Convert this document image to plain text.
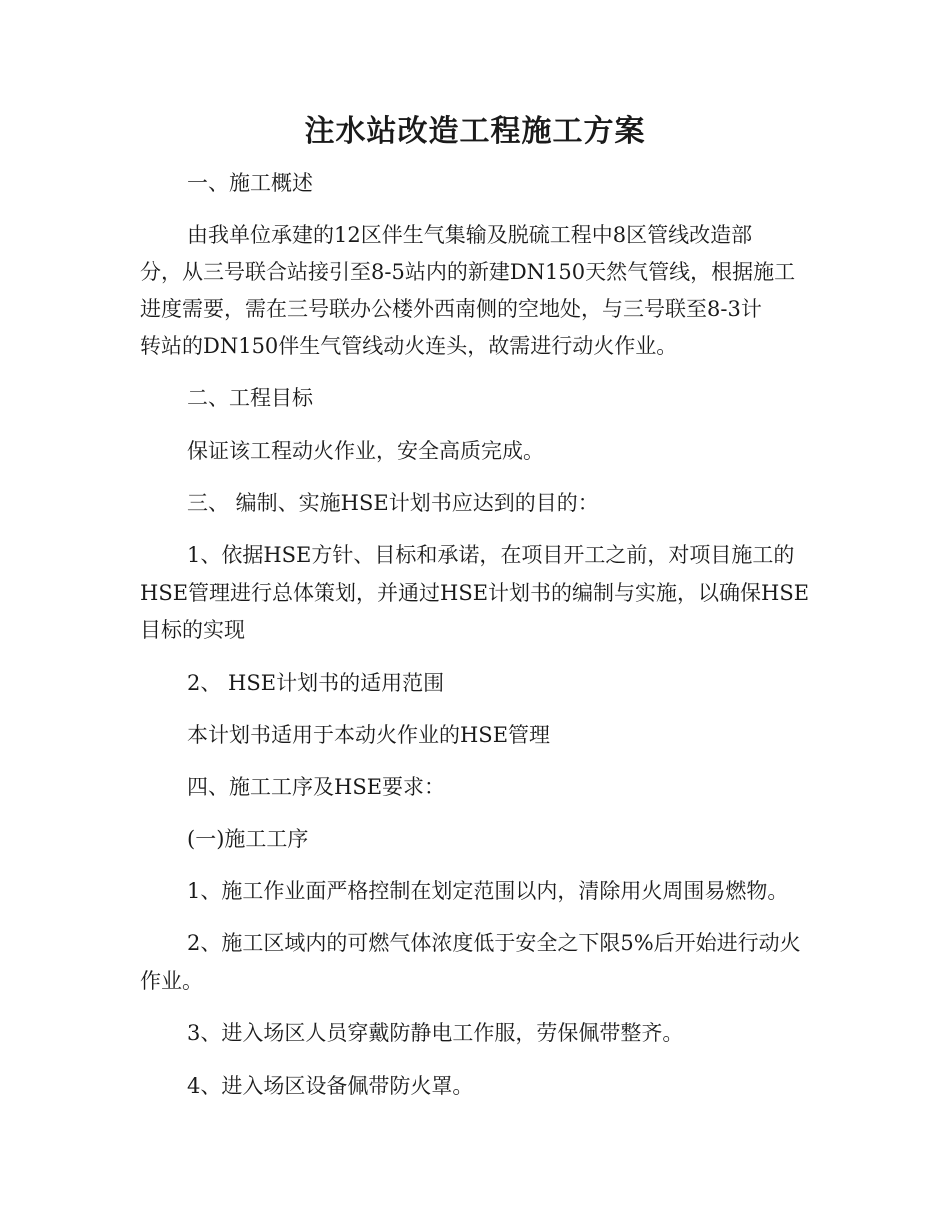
注水站改造工程施工方案
一、施工概述
由我单位承建的12区伴生气集输及脱硫工程中8区管线改造部
分，从三号联合站接引至8-5站内的新建DN150天然气管线，根据施工
进度需要，需在三号联办公楼外西南侧的空地处，与三号联至8-3计
转站的DN150伴生气管线动火连头，故需进行动火作业。
二、工程目标
保证该工程动火作业，安全高质完成。
三、 编制、实施HSE计划书应达到的目的：
1、依据HSE方针、目标和承诺，在项目开工之前，对项目施工的
HSE管理进行总体策划，并通过HSE计划书的编制与实施，以确保HSE
目标的实现
2、 HSE计划书的适用范围
本计划书适用于本动火作业的HSE管理
四、施工工序及HSE要求：
(一)施工工序
1、施工作业面严格控制在划定范围以内，清除用火周围易燃物。
2、施工区域内的可燃气体浓度低于安全之下限5%后开始进行动火
作业。
3、进入场区人员穿戴防静电工作服，劳保佩带整齐。
4、进入场区设备佩带防火罩。
